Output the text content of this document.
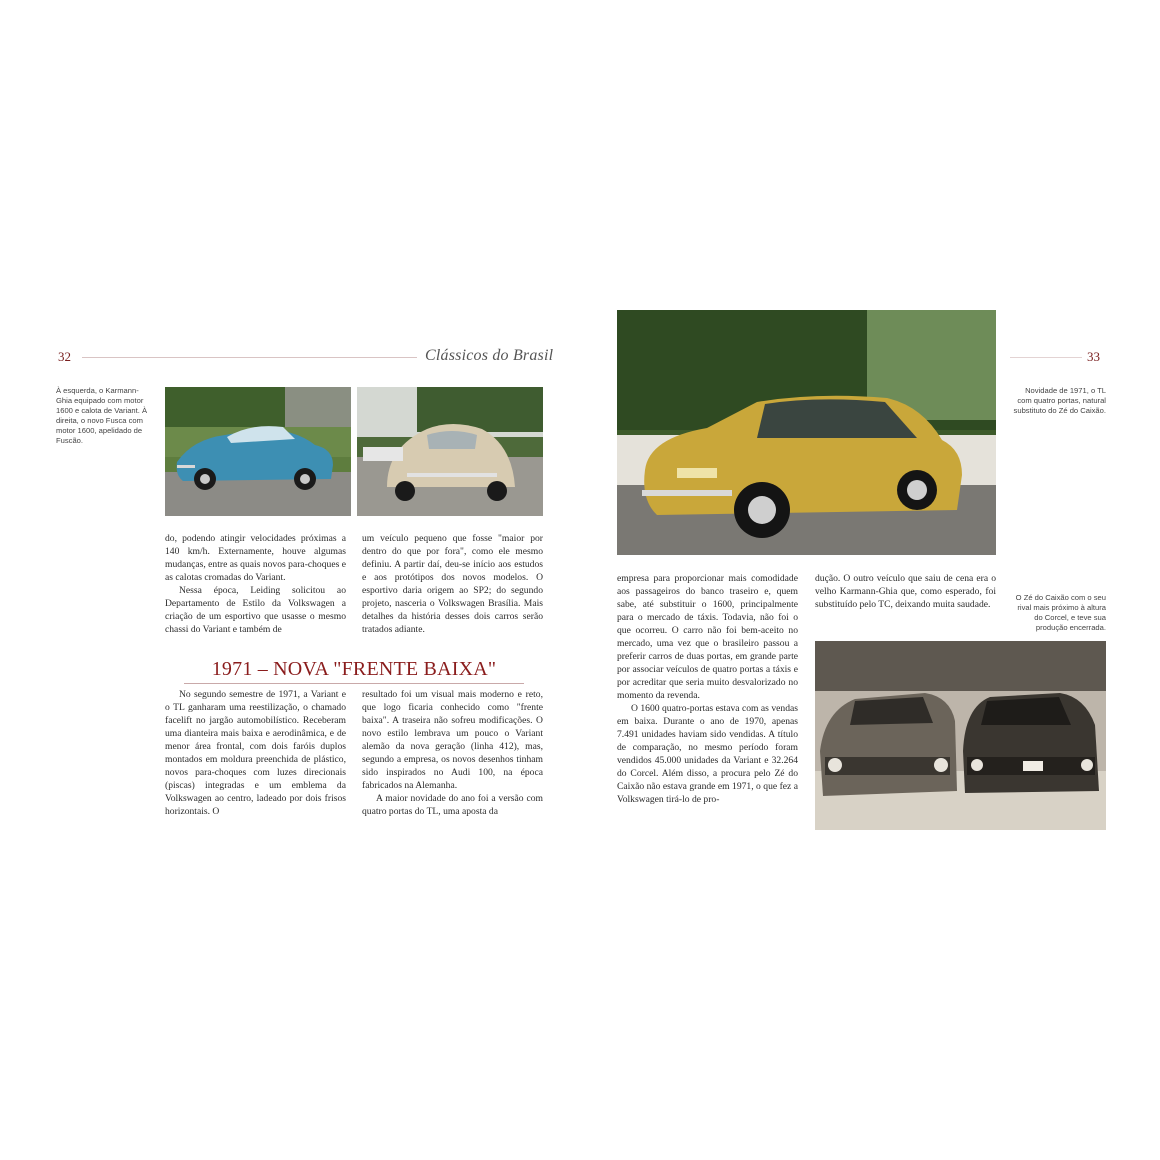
32	Clássicos do Brasil
À esquerda, o Karmann-Ghia equipado com motor 1600 e calota de Variant. À direita, o novo Fusca com motor 1600, apelidado de Fuscão.

do, podendo atingir velocidades próximas a 140 km/h. Externamente, houve algumas mudanças, entre as quais novos para-choques e as calotas cromadas do Variant.

Nessa época, Leiding solicitou ao Departamento de Estilo da Volkswagen a criação de um esportivo que usasse o mesmo chassi do Variant e também de

um veículo pequeno que fosse "maior por dentro do que por fora", como ele mesmo definiu. A partir daí, deu-se início aos estudos e aos protótipos dos novos modelos. O esportivo daria origem ao SP2; do segundo projeto, nasceria o Volkswagen Brasília. Mais detalhes da história desses dois carros serão tratados adiante.

1971 – NOVA "FRENTE BAIXA"

No segundo semestre de 1971, a Variant e o TL ganharam uma reestilização, o chamado facelift no jargão automobilístico. Receberam uma dianteira mais baixa e aerodinâmica, e de menor área frontal, com dois faróis duplos montados em moldura preenchida de plástico, novos para-choques com luzes direcionais (piscas) integradas e um emblema da Volkswagen ao centro, ladeado por dois frisos horizontais. O

resultado foi um visual mais moderno e reto, que logo ficaria conhecido como "frente baixa". A traseira não sofreu modificações. O novo estilo lembrava um pouco o Variant alemão da nova geração (linha 412), mas, segundo a empresa, os novos desenhos tinham sido inspirados no Audi 100, na época fabricados na Alemanha.

A maior novidade do ano foi a versão com quatro portas do TL, uma aposta da

33
Novidade de 1971, o TL com quatro portas, natural substituto do Zé do Caixão.
O Zé do Caixão com o seu rival mais próximo à altura do Corcel, e teve sua produção encerrada.

empresa para proporcionar mais comodidade aos passageiros do banco traseiro e, quem sabe, até substituir o 1600, principalmente para o mercado de táxis. Todavia, não foi o que ocorreu. O carro não foi bem-aceito no mercado, uma vez que o brasileiro passou a preferir carros de duas portas, em grande parte por associar veículos de quatro portas a táxis e por acreditar que seria muito desvalorizado no momento da revenda.

O 1600 quatro-portas estava com as vendas em baixa. Durante o ano de 1970, apenas 7.491 unidades haviam sido vendidas. A título de comparação, no mesmo período foram vendidos 45.000 unidades da Variant e 32.264 do Corcel. Além disso, a procura pelo Zé do Caixão não estava grande em 1971, o que fez a Volkswagen tirá-lo de pro-

dução. O outro veículo que saiu de cena era o velho Karmann-Ghia que, como esperado, foi substituído pelo TC, deixando muita saudade.
